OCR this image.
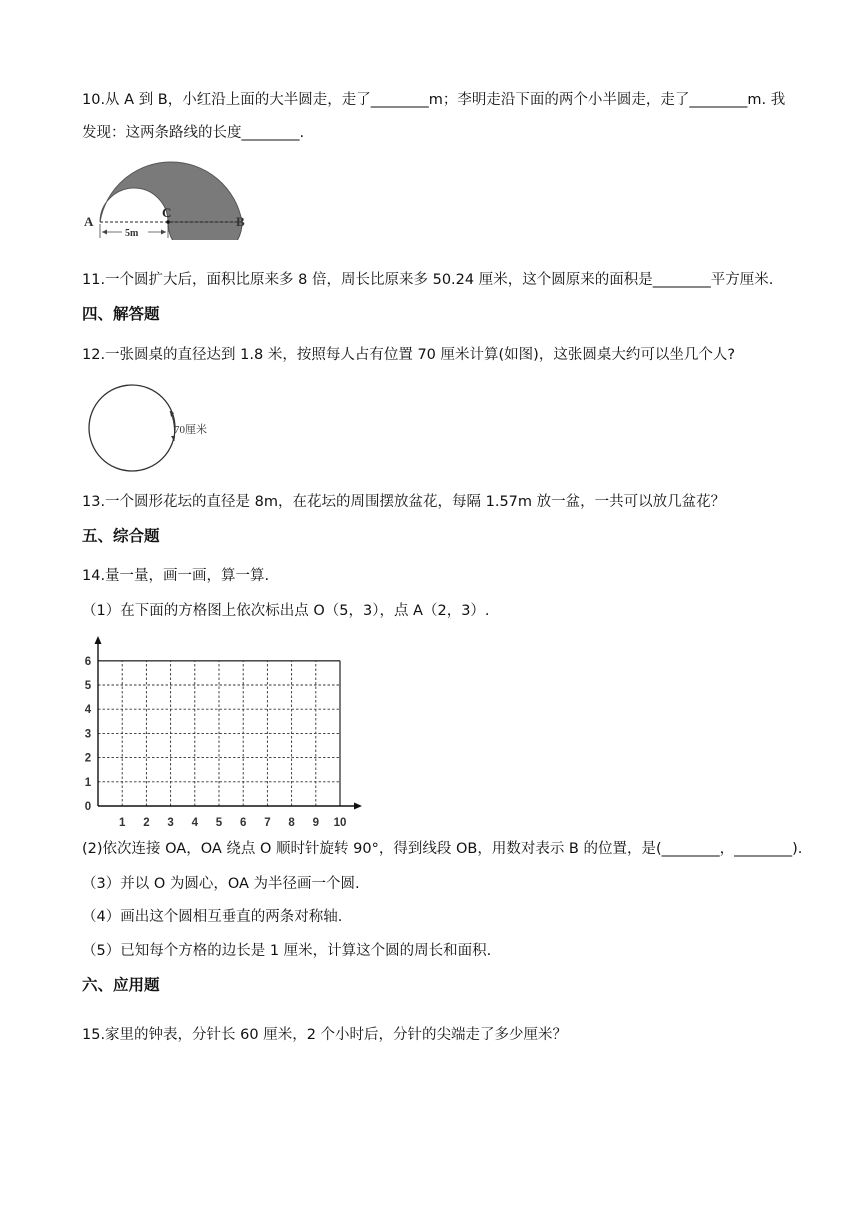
10.从 A 到 B，小红沿上面的大半圆走，走了________m；李明走沿下面的两个小半圆走，走了________m. 我
发现：这两条路线的长度________.
A
C
B
5m
11.一个圆扩大后，面积比原来多 8 倍，周长比原来多 50.24 厘米，这个圆原来的面积是________平方厘米.
四、解答题
12.一张圆桌的直径达到 1.8 米，按照每人占有位置 70 厘米计算(如图)，这张圆桌大约可以坐几个人?
70厘米
13.一个圆形花坛的直径是 8m，在花坛的周围摆放盆花，每隔 1.57m 放一盆，一共可以放几盆花？
五、综合题
14.量一量，画一画，算一算.
（1）在下面的方格图上依次标出点 O（5，3），点 A（2，3）.
1 2 3 4 5 6 7 8 9 10
0
1
2
3
4
5
6
(2)依次连接 OA，OA 绕点 O 顺时针旋转 90°，得到线段 OB，用数对表示 B 的位置，是(________，________).
（3）并以 O 为圆心，OA 为半径画一个圆.
（4）画出这个圆相互垂直的两条对称轴.
（5）已知每个方格的边长是 1 厘米，计算这个圆的周长和面积.
六、应用题
15.家里的钟表，分针长 60 厘米，2 个小时后，分针的尖端走了多少厘米？
